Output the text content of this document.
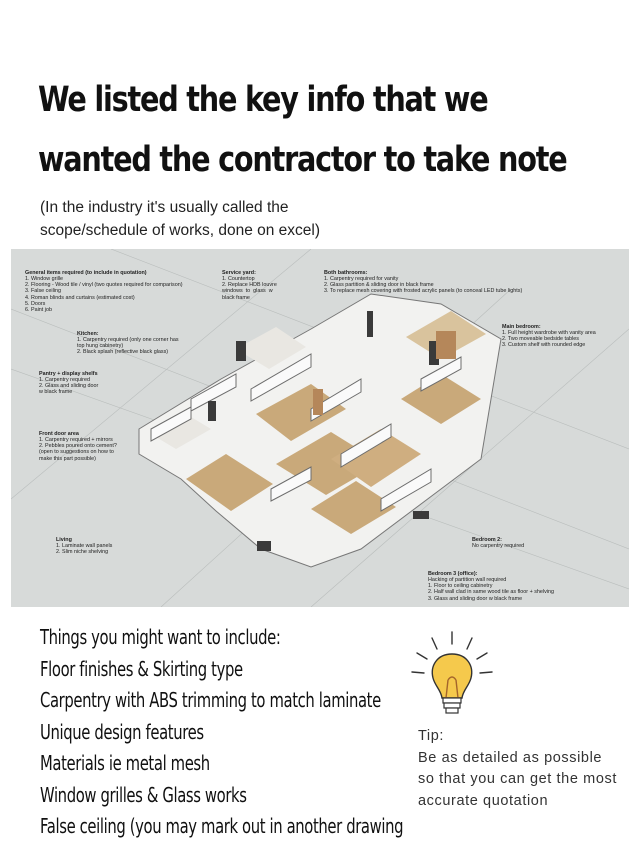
We listed the key info that we
wanted the contractor to take note
(In the industry it's usually called the
scope/schedule of works, done on excel)

General items required (to include in quotation)
1. Window grille
2. Flooring - Wood tile / vinyl (two quotes required for comparison)
3. False ceiling
4. Roman blinds and curtains (estimated cost)
5. Doors
6. Paint job

Service yard:
1. Countertop
2. Replace HDB louvre
windows  to  glass  w
black frame

Both bathrooms:
1. Carpentry required for vanity
2. Glass partition & sliding door in black frame
3. To replace mesh covering with frosted acrylic panels (to conceal LED tube lights)

Kitchen:
1. Carpentry required (only one corner has
top hung cabinetry)
2. Black splash (reflective black glass)

Main bedroom:
1. Full height wardrobe with vanity area
2. Two moveable bedside tables
3. Custom shelf with rounded edge

Pantry + display shelfs
1. Carpentry required
2. Glass and sliding door
w black frame

Front door area
1. Carpentry required + mirrors
2. Pebbles poured onto cement?
(open to suggestions on how to
make this part possible)

Living
1. Laminate wall panels
2. Slim niche shelving

Bedroom 2:
No carpentry required

Bedroom 3 (office):
Hacking of partition wall required
1. Floor to ceiling cabinetry
2. Half wall clad in same wood tile as floor + shelving
3. Glass and sliding door w black frame

Things you might want to include:
Floor finishes & Skirting type
Carpentry with ABS trimming to match laminate
Unique design features
Materials ie metal mesh
Window grilles & Glass works
False ceiling (you may mark out in another drawing
Tip:
Be as detailed as possible so that you can get the most accurate quotation
